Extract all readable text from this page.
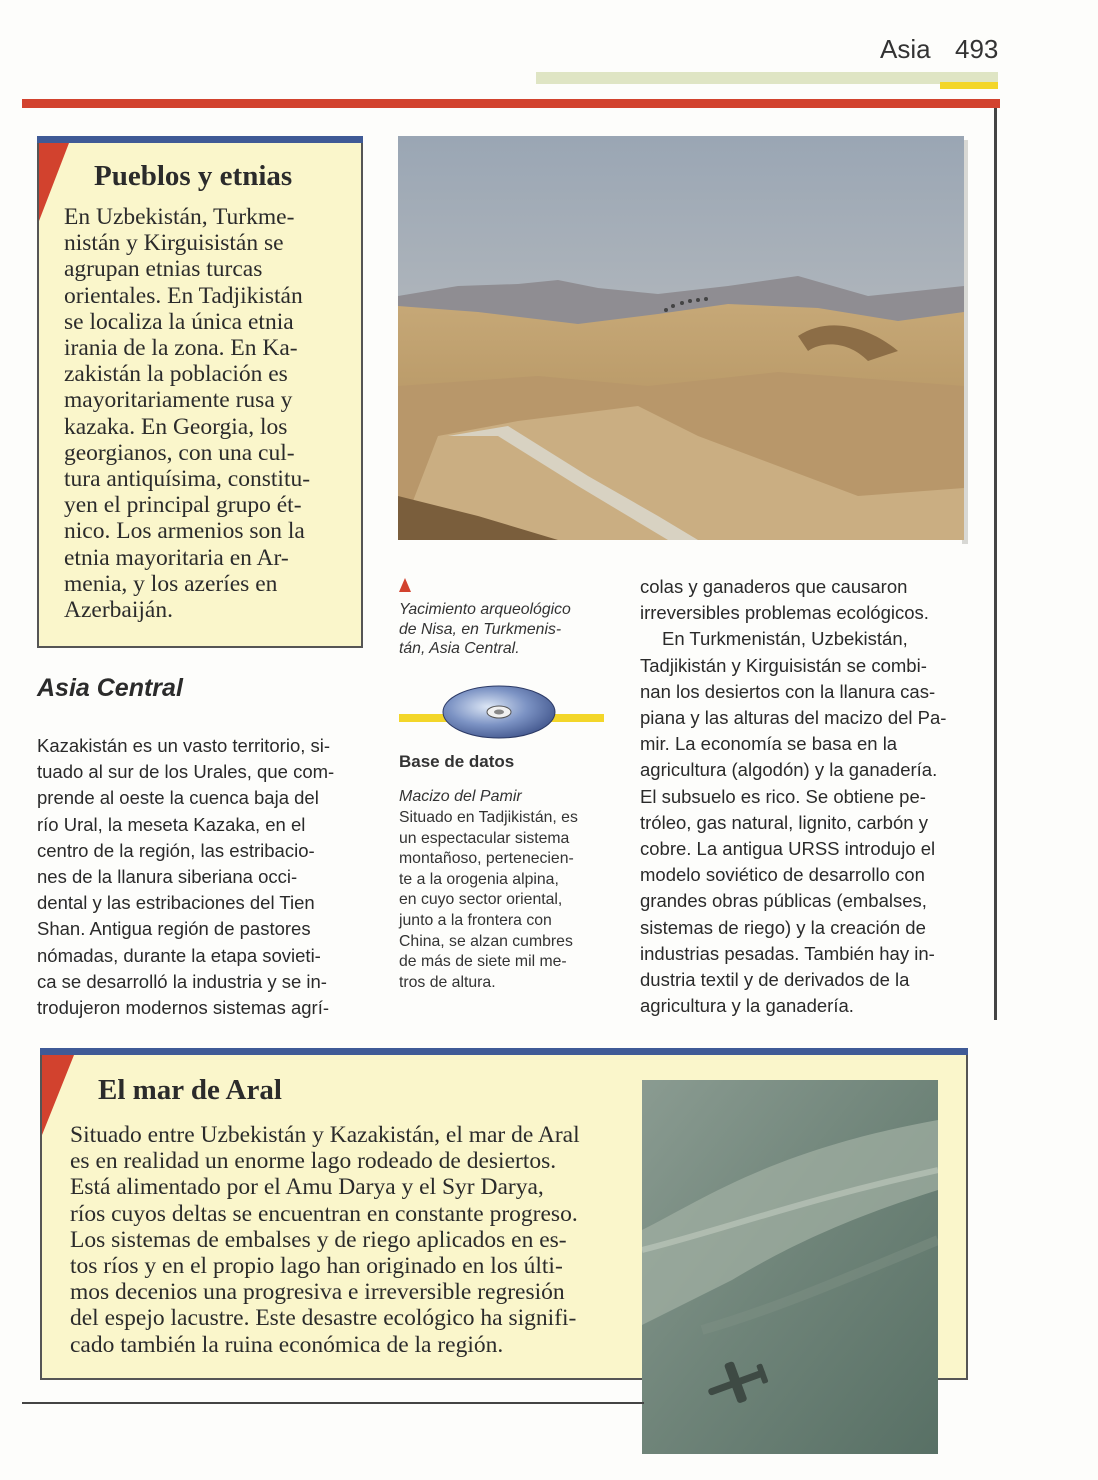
Asia 493
Pueblos y etnias
En Uzbekistán, Turkme-
nistán y Kirguisistán se
agrupan etnias turcas
orientales. En Tadjikistán
se localiza la única etnia
irania de la zona. En Ka-
zakistán la población es
mayoritariamente rusa y
kazaka. En Georgia, los
georgianos, con una cul-
tura antiquísima, constitu-
yen el principal grupo ét-
nico. Los armenios son la
etnia mayoritaria en Ar-
menia, y los azeríes en
Azerbaiján.	Yacimiento arqueológico
de Nisa, en Turkmenis-
tán, Asia Central.
Base de datos
Macizo del Pamir
Situado en Tadjikistán, es
un espectacular sistema
montañoso, pertenecien-
te a la orogenia alpina,
en cuyo sector oriental,
junto a la frontera con
China, se alzan cumbres
de más de siete mil me-
tros de altura.
Asia Central
Kazakistán es un vasto territorio, si-
tuado al sur de los Urales, que com-
prende al oeste la cuenca baja del
río Ural, la meseta Kazaka, en el
centro de la región, las estribacio-
nes de la llanura siberiana occi-
dental y las estribaciones del Tien
Shan. Antigua región de pastores
nómadas, durante la etapa sovieti-
ca se desarrolló la industria y se in-
trodujeron modernos sistemas agrí-
colas y ganaderos que causaron
irreversibles problemas ecológicos.
En Turkmenistán, Uzbekistán,
Tadjikistán y Kirguisistán se combi-
nan los desiertos con la llanura cas-
piana y las alturas del macizo del Pa-
mir. La economía se basa en la
agricultura (algodón) y la ganadería.
El subsuelo es rico. Se obtiene pe-
tróleo, gas natural, lignito, carbón y
cobre. La antigua URSS introdujo el
modelo soviético de desarrollo con
grandes obras públicas (embalses,
sistemas de riego) y la creación de
industrias pesadas. También hay in-
dustria textil y de derivados de la
agricultura y la ganadería.
El mar de Aral
Situado entre Uzbekistán y Kazakistán, el mar de Aral
es en realidad un enorme lago rodeado de desiertos.
Está alimentado por el Amu Darya y el Syr Darya,
ríos cuyos deltas se encuentran en constante progreso.
Los sistemas de embalses y de riego aplicados en es-
tos ríos y en el propio lago han originado en los últi-
mos decenios una progresiva e irreversible regresión
del espejo lacustre. Este desastre ecológico ha signifi-
cado también la ruina económica de la región.
